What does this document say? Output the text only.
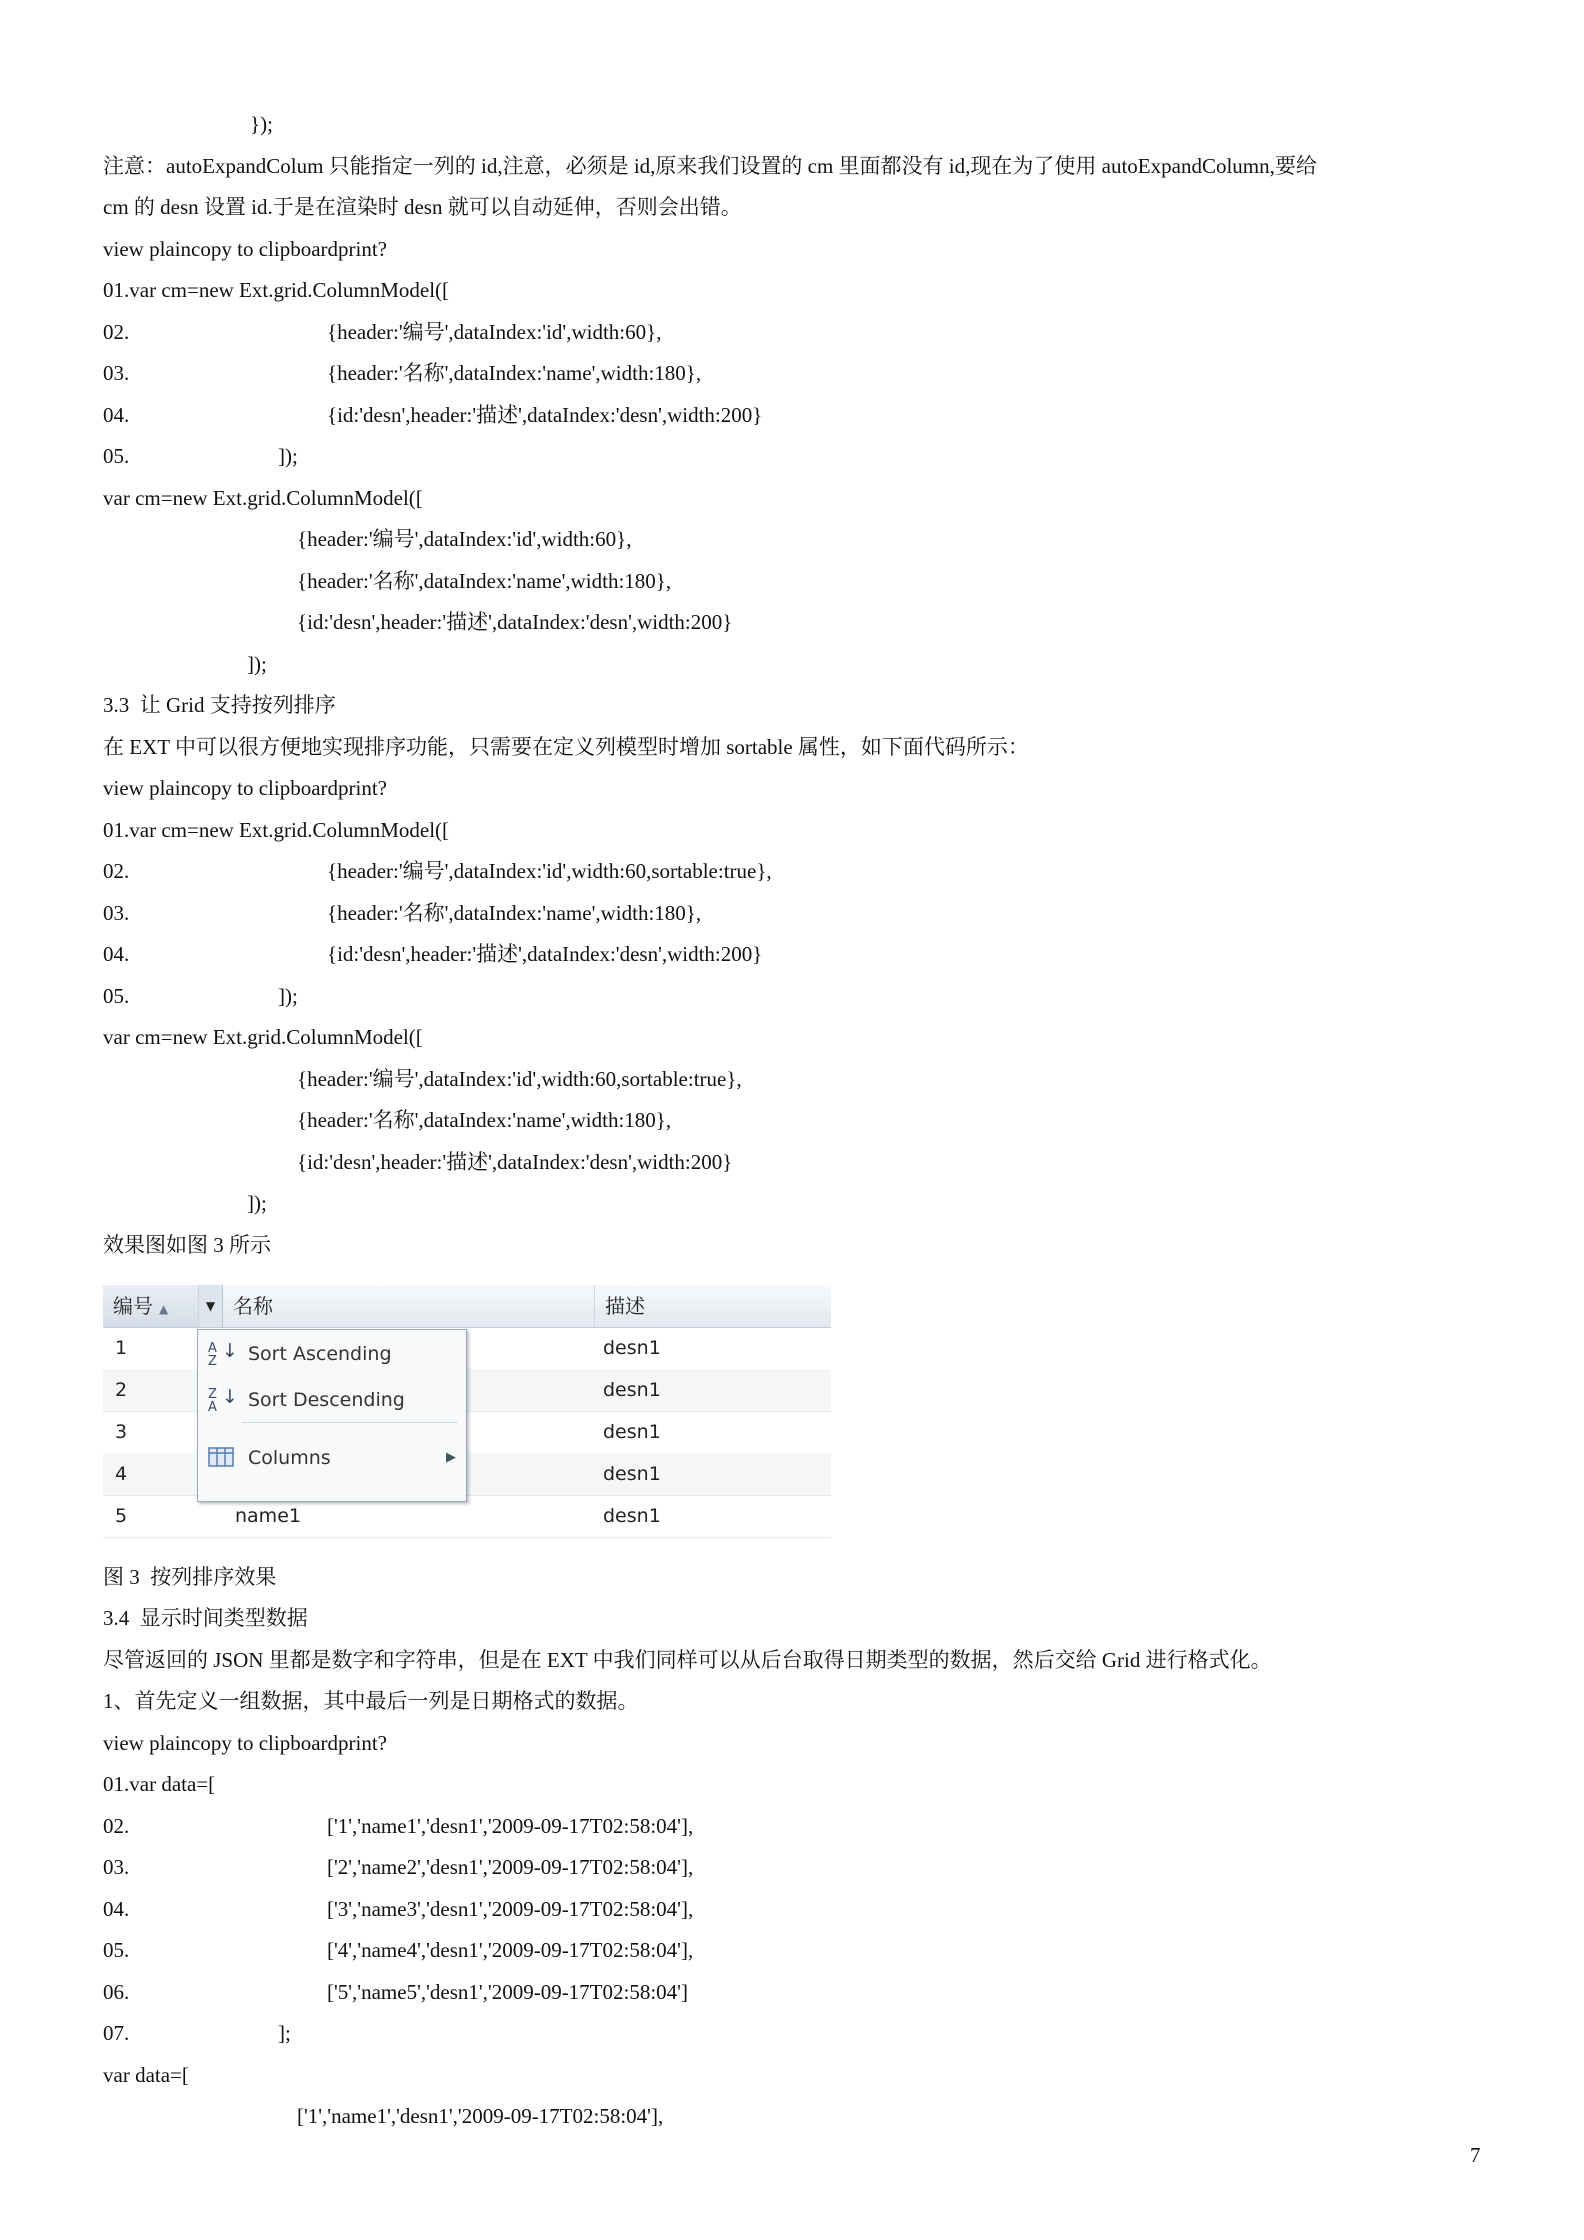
});
注意：autoExpandColum 只能指定一列的 id,注意，必须是 id,原来我们设置的 cm 里面都没有 id,现在为了使用 autoExpandColumn,要给
cm 的 desn 设置 id.于是在渲染时 desn 就可以自动延伸，否则会出错。
view plaincopy to clipboardprint?
01.var cm=new Ext.grid.ColumnModel([
02.	{header:'编号',dataIndex:'id',width:60},
03.	{header:'名称',dataIndex:'name',width:180},
04.	{id:'desn',header:'描述',dataIndex:'desn',width:200}
05.	]);
var cm=new Ext.grid.ColumnModel([
{header:'编号',dataIndex:'id',width:60},
{header:'名称',dataIndex:'name',width:180},
{id:'desn',header:'描述',dataIndex:'desn',width:200}
]);
3.3  让 Grid 支持按列排序
在 EXT 中可以很方便地实现排序功能，只需要在定义列模型时增加 sortable 属性，如下面代码所示：
view plaincopy to clipboardprint?
01.var cm=new Ext.grid.ColumnModel([
02.	{header:'编号',dataIndex:'id',width:60,sortable:true},
03.	{header:'名称',dataIndex:'name',width:180},
04.	{id:'desn',header:'描述',dataIndex:'desn',width:200}
05.	]);
var cm=new Ext.grid.ColumnModel([
{header:'编号',dataIndex:'id',width:60,sortable:true},
{header:'名称',dataIndex:'name',width:180},
{id:'desn',header:'描述',dataIndex:'desn',width:200}
]);
效果图如图 3 所示
编号 ▲	▼ 名称	描述
1	desn1
2	desn1
3	desn1
4	desn1
5	name1	desn1
A
Z ↓ Sort Ascending
Z
A ↓ Sort Descending
Columns	▶
图 3  按列排序效果
3.4  显示时间类型数据
尽管返回的 JSON 里都是数字和字符串，但是在 EXT 中我们同样可以从后台取得日期类型的数据，然后交给 Grid 进行格式化。
1、首先定义一组数据，其中最后一列是日期格式的数据。
view plaincopy to clipboardprint?
01.var data=[
02.	['1','name1','desn1','2009-09-17T02:58:04'],
03.	['2','name2','desn1','2009-09-17T02:58:04'],
04.	['3','name3','desn1','2009-09-17T02:58:04'],
05.	['4','name4','desn1','2009-09-17T02:58:04'],
06.	['5','name5','desn1','2009-09-17T02:58:04']
07.	];
var data=[
['1','name1','desn1','2009-09-17T02:58:04'],
7
